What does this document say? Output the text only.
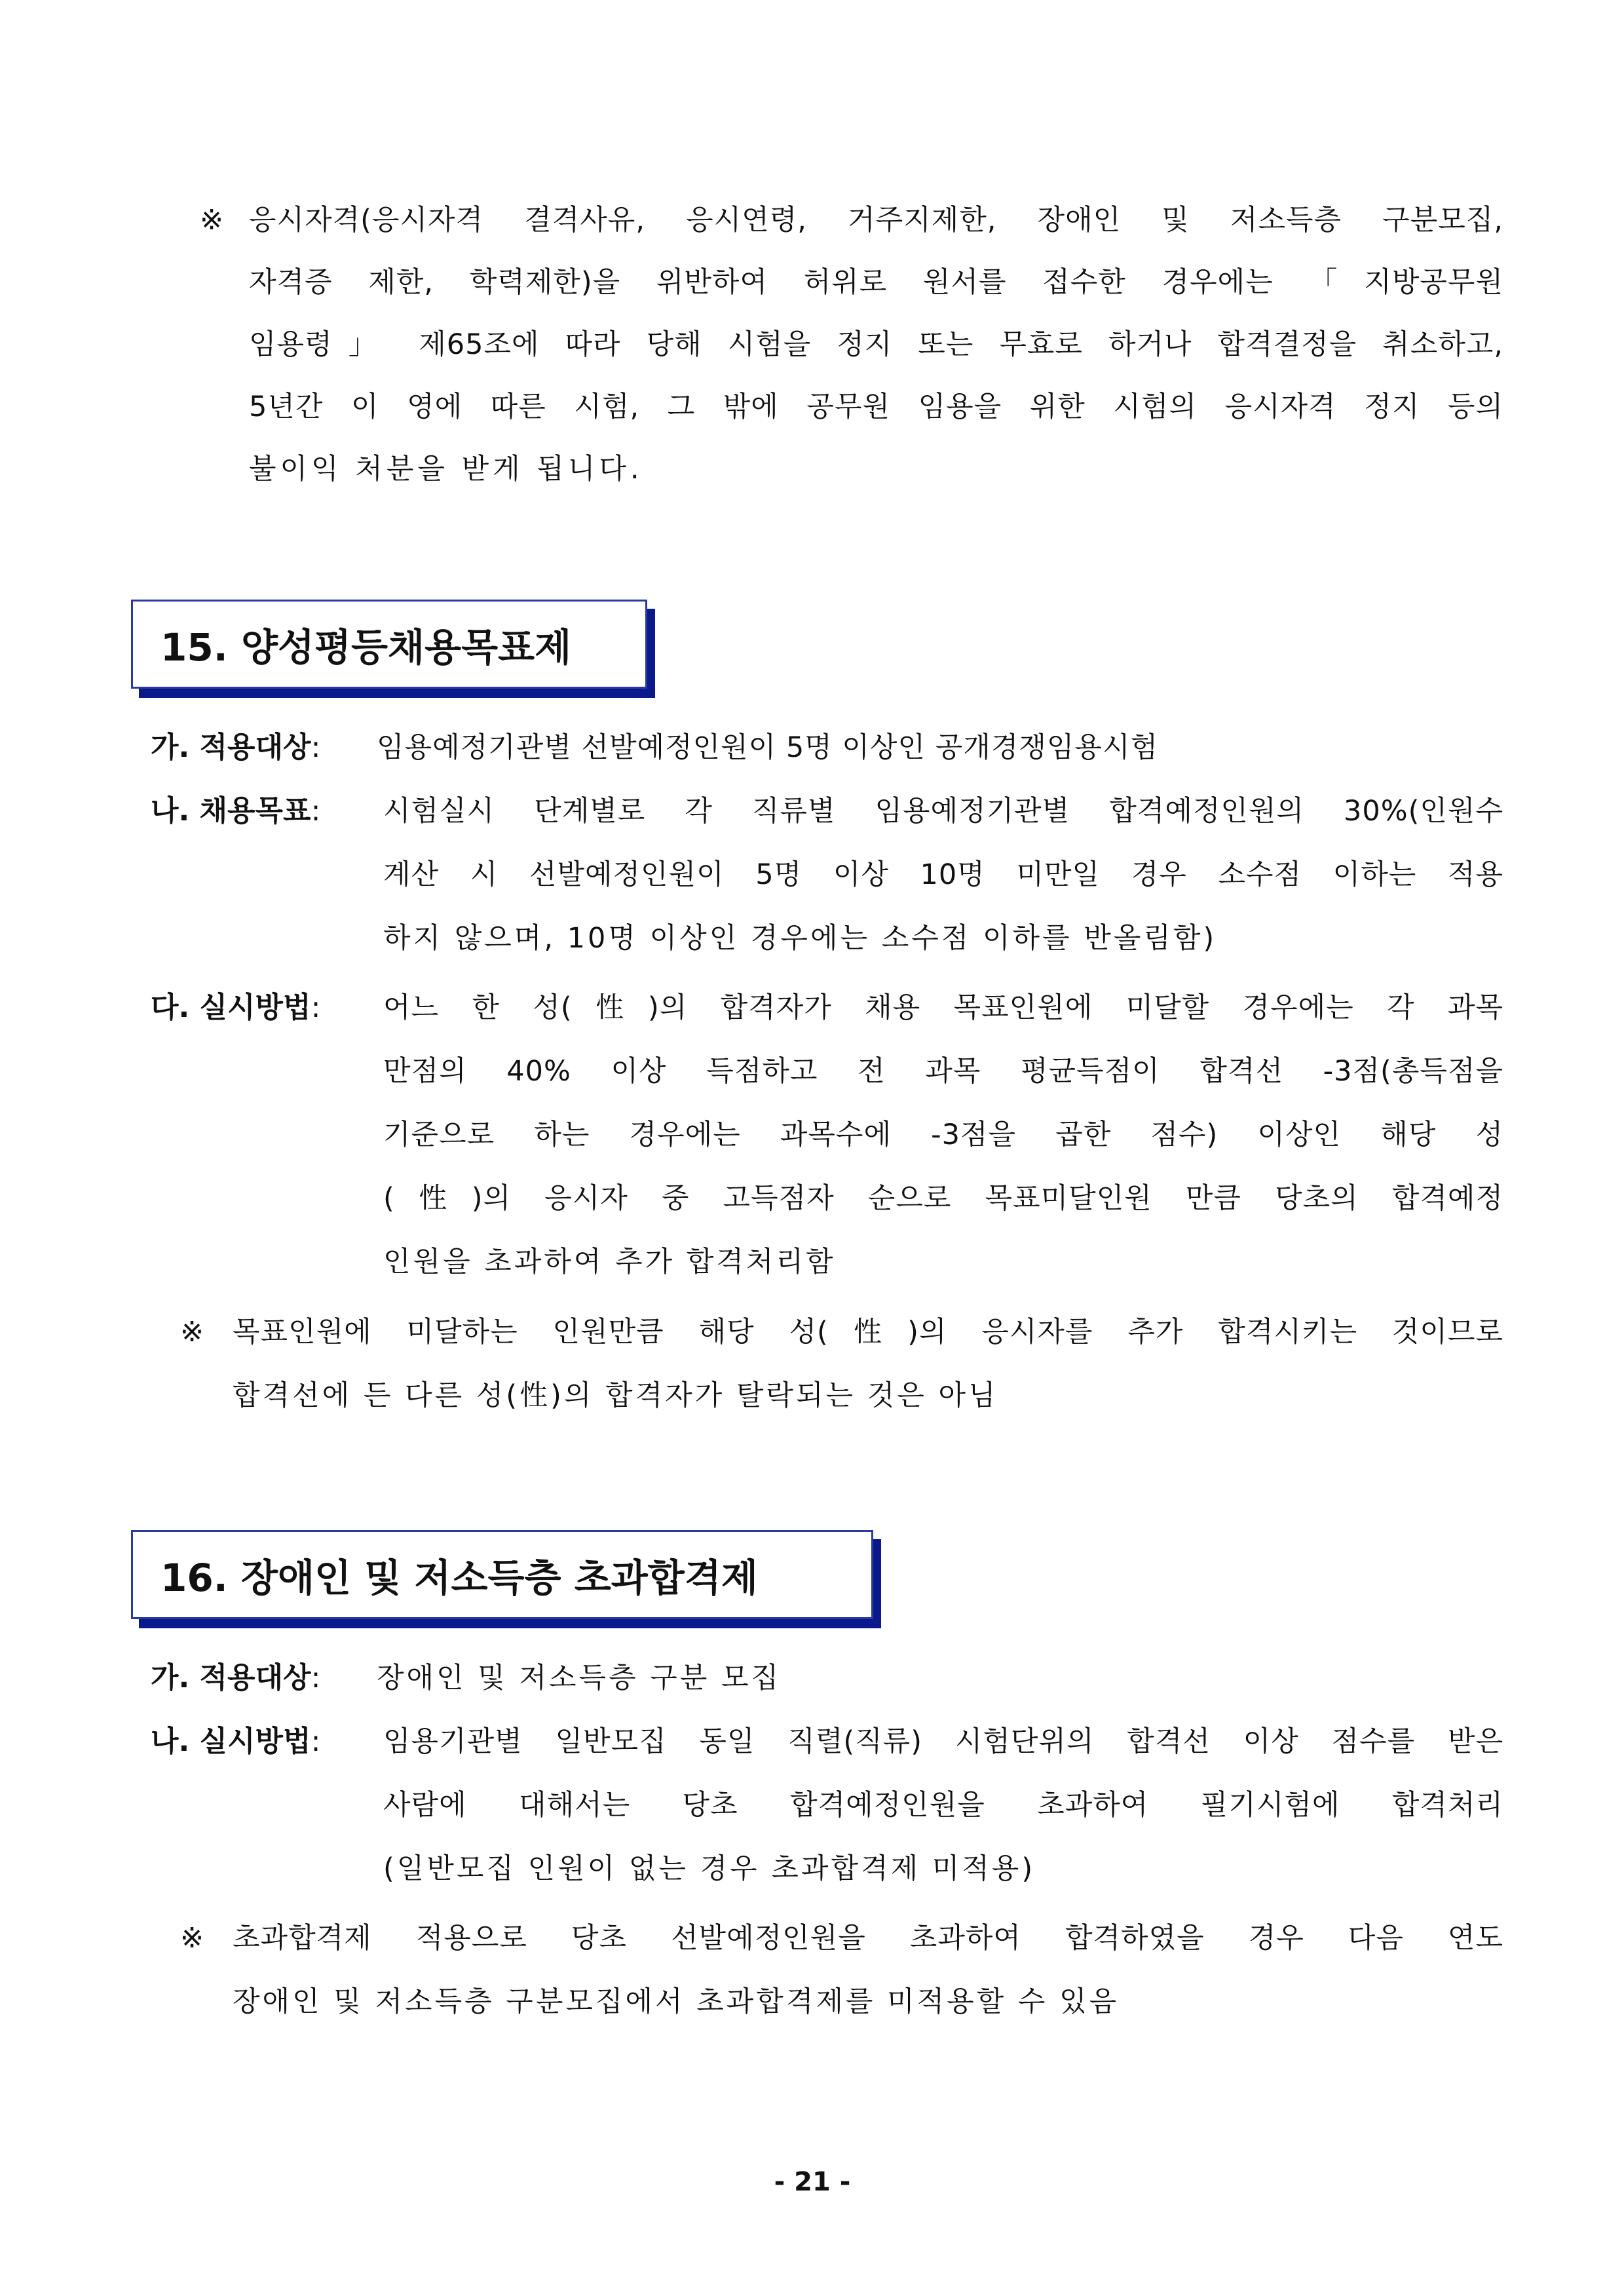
※ 응시자격(응시자격 결격사유, 응시연령, 거주지제한, 장애인 및 저소득층 구분모집,
자격증 제한, 학력제한)을 위반하여 허위로 원서를 접수한 경우에는 「지방공무원
임용령」 제65조에 따라 당해 시험을 정지 또는 무효로 하거나 합격결정을 취소하고,
5년간 이 영에 따른 시험, 그 밖에 공무원 임용을 위한 시험의 응시자격 정지 등의
불이익 처분을 받게 됩니다.
15. 양성평등채용목표제
가. 적용대상: 임용예정기관별 선발예정인원이 5명 이상인 공개경쟁임용시험
나. 채용목표: 시험실시 단계별로 각 직류별 임용예정기관별 합격예정인원의 30%(인원수
계산 시 선발예정인원이 5명 이상 10명 미만일 경우 소수점 이하는 적용
하지 않으며, 10명 이상인 경우에는 소수점 이하를 반올림함)
다. 실시방법: 어느 한 성(性)의 합격자가 채용 목표인원에 미달할 경우에는 각 과목
만점의 40% 이상 득점하고 전 과목 평균득점이 합격선 -3점(총득점을
기준으로 하는 경우에는 과목수에 -3점을 곱한 점수) 이상인 해당 성
(性)의 응시자 중 고득점자 순으로 목표미달인원 만큼 당초의 합격예정
인원을 초과하여 추가 합격처리함
※ 목표인원에 미달하는 인원만큼 해당 성(性)의 응시자를 추가 합격시키는 것이므로
합격선에 든 다른 성(性)의 합격자가 탈락되는 것은 아님
16. 장애인 및 저소득층 초과합격제
가. 적용대상: 장애인 및 저소득층 구분 모집
나. 실시방법: 임용기관별 일반모집 동일 직렬(직류) 시험단위의 합격선 이상 점수를 받은
사람에 대해서는 당초 합격예정인원을 초과하여 필기시험에 합격처리
(일반모집 인원이 없는 경우 초과합격제 미적용)
※ 초과합격제 적용으로 당초 선발예정인원을 초과하여 합격하였을 경우 다음 연도
장애인 및 저소득층 구분모집에서 초과합격제를 미적용할 수 있음
- 21 -
